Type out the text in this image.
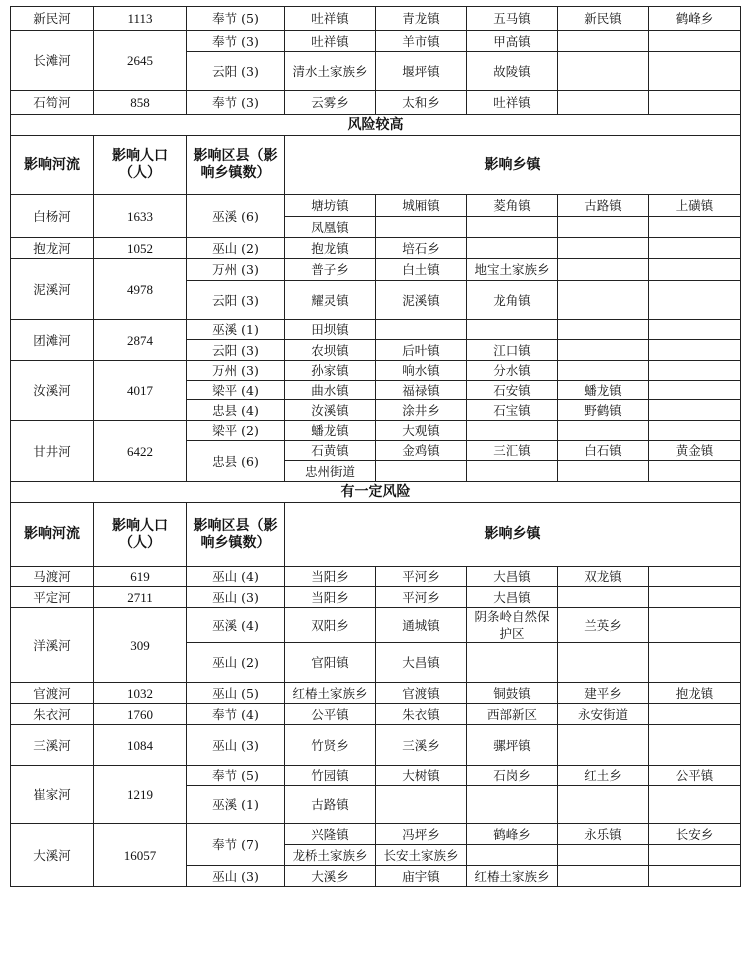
新民河	1113	奉节 (5)	吐祥镇	青龙镇	五马镇	新民镇	鹤峰乡
长滩河	2645	奉节 (3)	吐祥镇	羊市镇	甲高镇		
		云阳 (3)	清水土家族乡	堰坪镇	故陵镇		
石笱河	858	奉节 (3)	云雾乡	太和乡	吐祥镇		
风险较高							
影响河流	影响人口（人）	影响区县（影响乡镇数）	影响乡镇				
白杨河	1633	巫溪 (6)	塘坊镇	城厢镇	菱角镇	古路镇	上磺镇
			凤凰镇				
抱龙河	1052	巫山 (2)	抱龙镇	培石乡			
泥溪河	4978	万州 (3)	普子乡	白土镇	地宝土家族乡		
		云阳 (3)	耀灵镇	泥溪镇	龙角镇		
团滩河	2874	巫溪 (1)	田坝镇				
		云阳 (3)	农坝镇	后叶镇	江口镇		
汝溪河	4017	万州 (3)	孙家镇	响水镇	分水镇		
		梁平 (4)	曲水镇	福禄镇	石安镇	蟠龙镇	
		忠县 (4)	汝溪镇	涂井乡	石宝镇	野鹤镇	
甘井河	6422	梁平 (2)	蟠龙镇	大观镇			
		忠县 (6)	石黄镇	金鸡镇	三汇镇	白石镇	黄金镇
			忠州街道				
有一定风险							
影响河流	影响人口（人）	影响区县（影响乡镇数）	影响乡镇				
马渡河	619	巫山 (4)	当阳乡	平河乡	大昌镇	双龙镇	
平定河	2711	巫山 (3)	当阳乡	平河乡	大昌镇		
洋溪河	309	巫溪 (4)	双阳乡	通城镇	阴条岭自然保护区	兰英乡	
		巫山 (2)	官阳镇	大昌镇			
官渡河	1032	巫山 (5)	红椿土家族乡	官渡镇	铜鼓镇	建平乡	抱龙镇
朱衣河	1760	奉节 (4)	公平镇	朱衣镇	西部新区	永安街道	
三溪河	1084	巫山 (3)	竹贤乡	三溪乡	骡坪镇		
崔家河	1219	奉节 (5)	竹园镇	大树镇	石岗乡	红土乡	公平镇
		巫溪 (1)	古路镇				
大溪河	16057	奉节 (7)	兴隆镇	冯坪乡	鹤峰乡	永乐镇	长安乡
			龙桥土家族乡	长安土家族乡			
		巫山 (3)	大溪乡	庙宇镇	红椿土家族乡		
